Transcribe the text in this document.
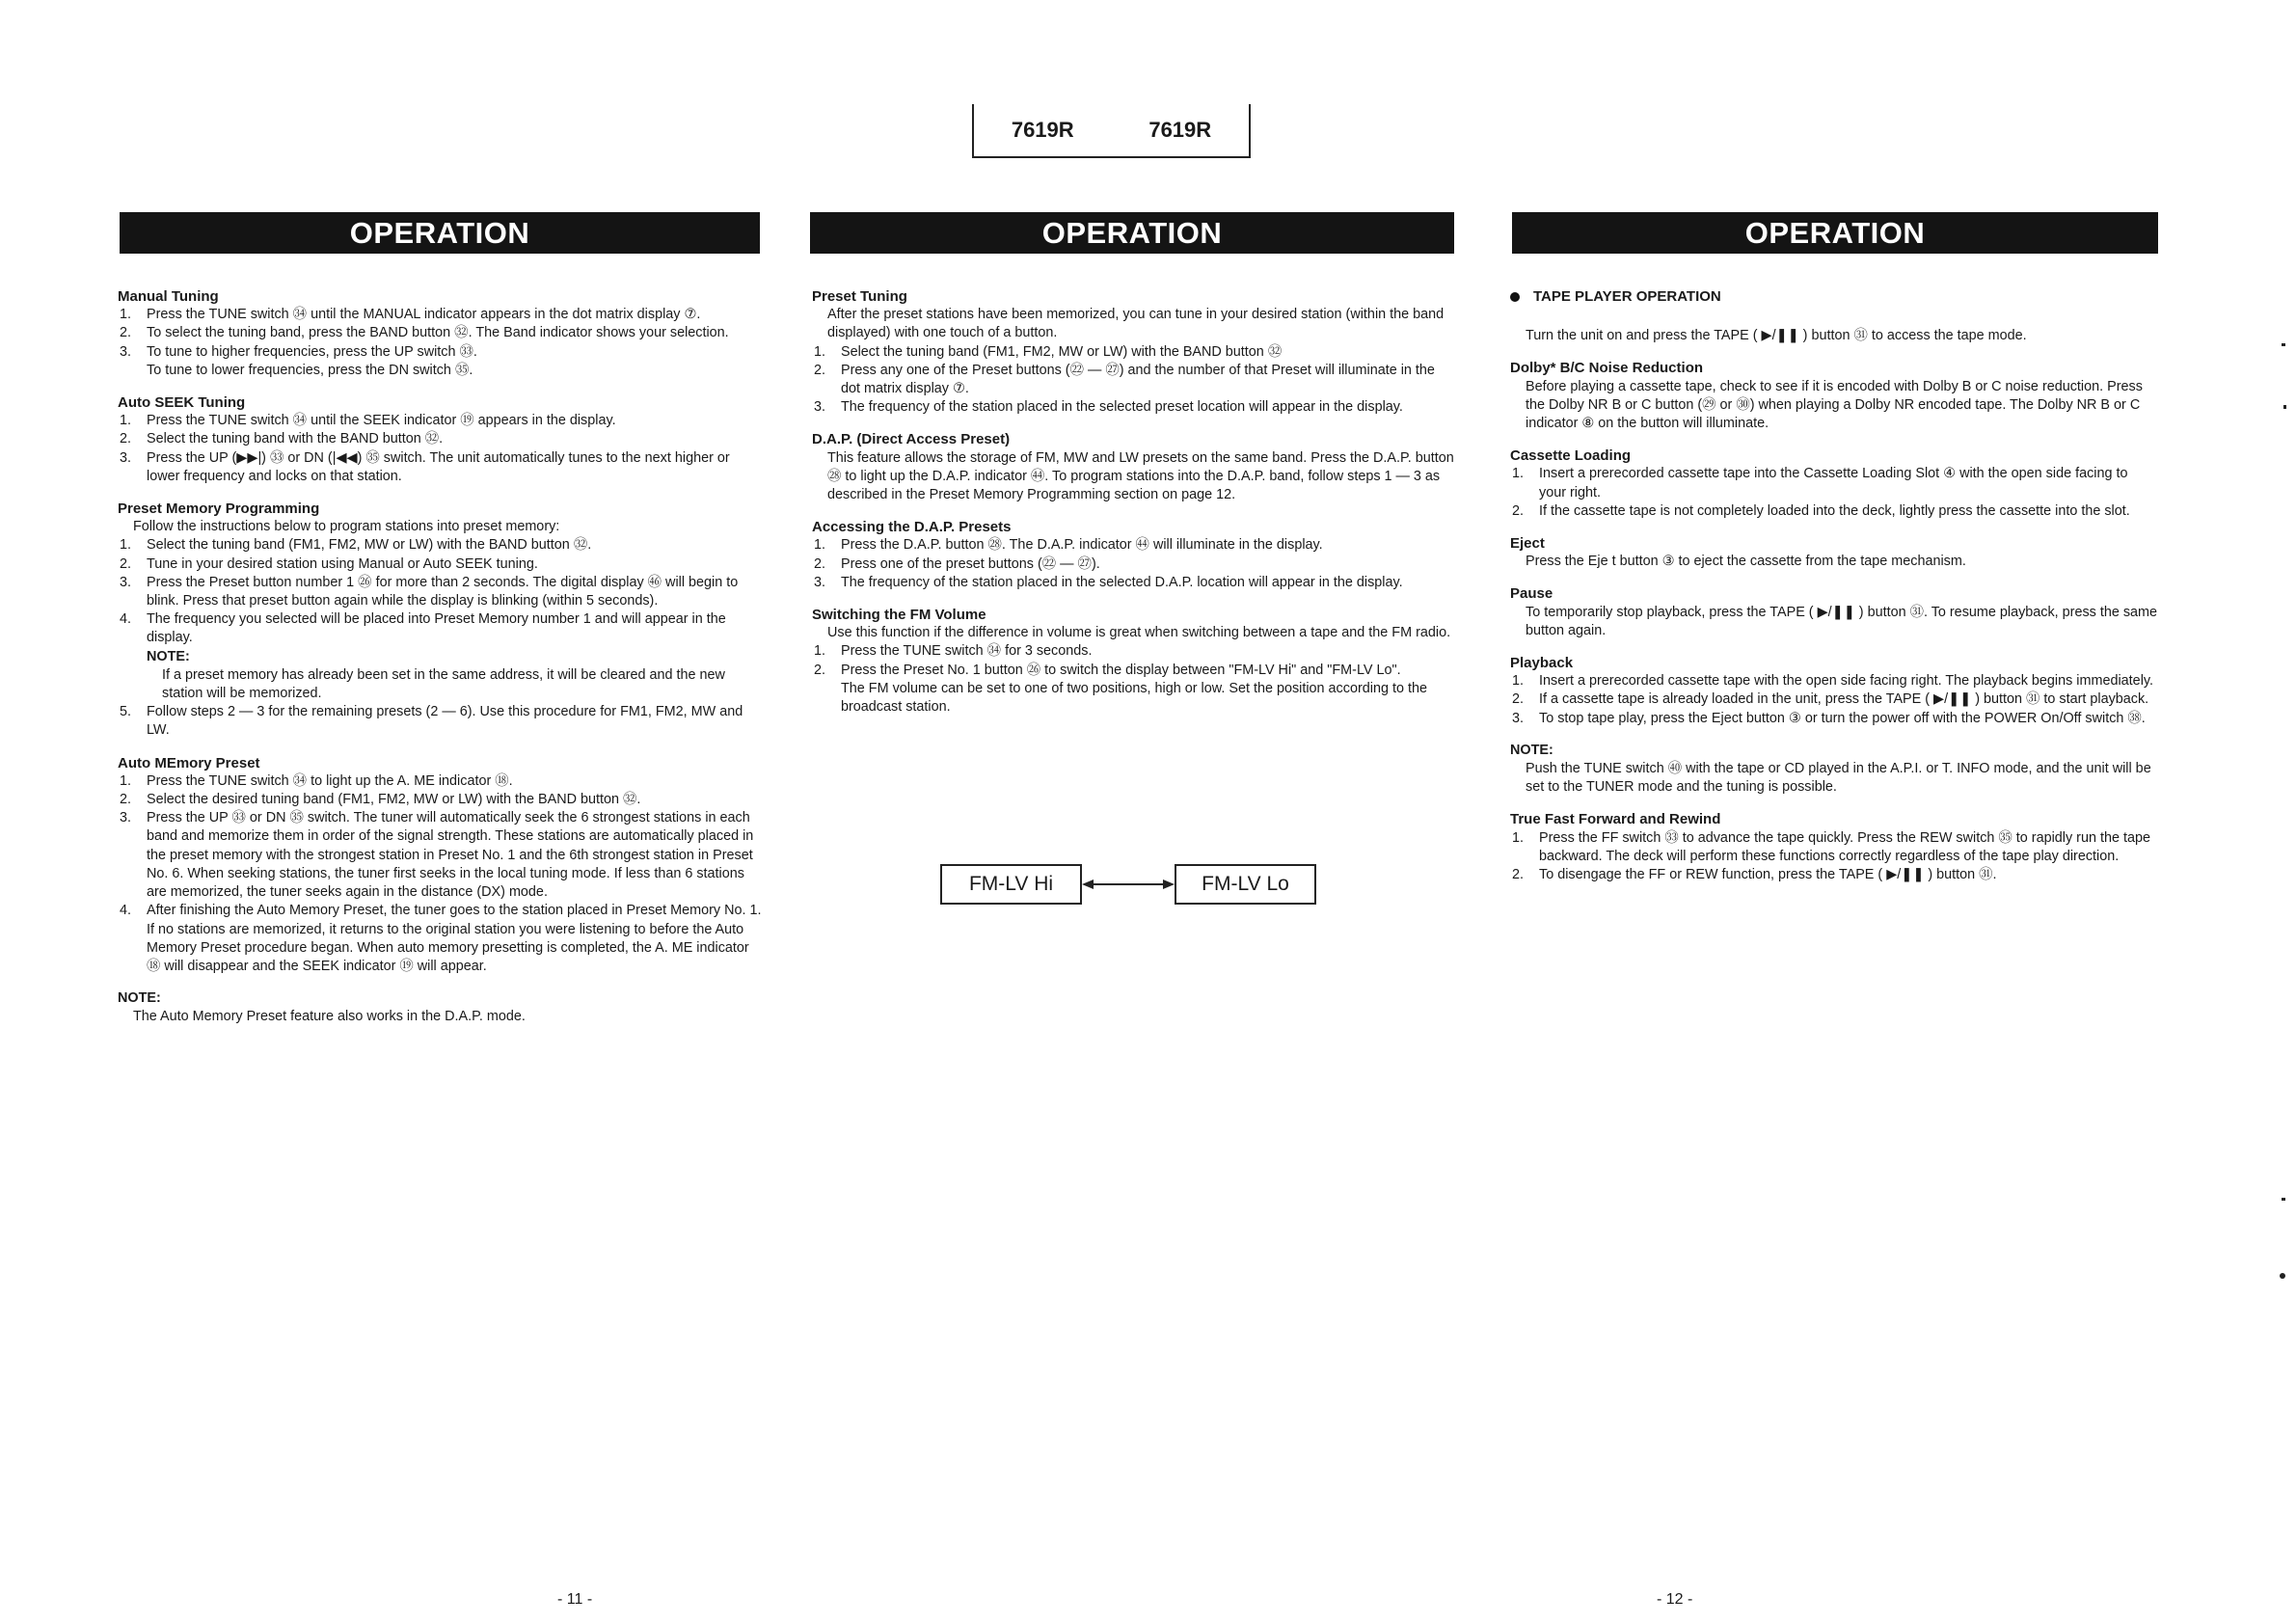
7619R	7619R
OPERATION	OPERATION	OPERATION
Manual Tuning
1. Press the TUNE switch ㉞ until the MANUAL indicator appears in the dot matrix display ⑦.
2. To select the tuning band, press the BAND button ㉜. The Band indicator shows your selection.
3. To tune to higher frequencies, press the UP switch ㉝.
To tune to lower frequencies, press the DN switch ㉟.
Auto SEEK Tuning
1. Press the TUNE switch ㉞ until the SEEK indicator ⑲ appears in the display.
2. Select the tuning band with the BAND button ㉜.
3. Press the UP (▶▶|) ㉝ or DN (|◀◀) ㉟ switch. The unit automatically tunes to the next higher or lower frequency and locks on that station.
Preset Memory Programming
Follow the instructions below to program stations into preset memory:
1. Select the tuning band (FM1, FM2, MW or LW) with the BAND button ㉜.
2. Tune in your desired station using Manual or Auto SEEK tuning.
3. Press the Preset button number 1 ㉖ for more than 2 seconds. The digital display ㊻ will begin to blink. Press that preset button again while the display is blinking (within 5 seconds).
4. The frequency you selected will be placed into Preset Memory number 1 and will appear in the display.
NOTE:
If a preset memory has already been set in the same address, it will be cleared and the new station will be memorized.
5. Follow steps 2 — 3 for the remaining presets (2 — 6). Use this procedure for FM1, FM2, MW and LW.
Auto MEmory Preset
1. Press the TUNE switch ㉞ to light up the A. ME indicator ⑱.
2. Select the desired tuning band (FM1, FM2, MW or LW) with the BAND button ㉜.
3. Press the UP ㉝ or DN ㉟ switch. The tuner will automatically seek the 6 strongest stations in each band and memorize them in order of the signal strength. These stations are automatically placed in the preset memory with the strongest station in Preset No. 1 and the 6th strongest station in Preset No. 6. When seeking stations, the tuner first seeks in the local tuning mode. If less than 6 stations are memorized, the tuner seeks again in the distance (DX) mode.
4. After finishing the Auto Memory Preset, the tuner goes to the station placed in Preset Memory No. 1. If no stations are memorized, it returns to the original station you were listening to before the Auto Memory Preset procedure began. When auto memory presetting is completed, the A. ME indicator ⑱ will disappear and the SEEK indicator ⑲ will appear.
NOTE:
The Auto Memory Preset feature also works in the D.A.P. mode.
Preset Tuning
After the preset stations have been memorized, you can tune in your desired station (within the band displayed) with one touch of a button.
1. Select the tuning band (FM1, FM2, MW or LW) with the BAND button ㉜
2. Press any one of the Preset buttons (㉒ — ㉗) and the number of that Preset will illuminate in the dot matrix display ⑦.
3. The frequency of the station placed in the selected preset location will appear in the display.
D.A.P. (Direct Access Preset)
This feature allows the storage of FM, MW and LW presets on the same band. Press the D.A.P. button ㉘ to light up the D.A.P. indicator ㊹. To program stations into the D.A.P. band, follow steps 1 — 3 as described in the Preset Memory Programming section on page 12.
Accessing the D.A.P. Presets
1. Press the D.A.P. button ㉘. The D.A.P. indicator ㊹ will illuminate in the display.
2. Press one of the preset buttons (㉒ — ㉗).
3. The frequency of the station placed in the selected D.A.P. location will appear in the display.
Switching the FM Volume
Use this function if the difference in volume is great when switching between a tape and the FM radio.
1. Press the TUNE switch ㉞ for 3 seconds.
2. Press the Preset No. 1 button ㉖ to switch the display between "FM-LV Hi" and "FM-LV Lo".
The FM volume can be set to one of two positions, high or low. Set the position according to the broadcast station.
FM-LV Hi	FM-LV Lo
TAPE PLAYER OPERATION
Turn the unit on and press the TAPE ( ▶/❚❚ ) button ㉛ to access the tape mode.
Dolby* B/C Noise Reduction
Before playing a cassette tape, check to see if it is encoded with Dolby B or C noise reduction. Press the Dolby NR B or C button (㉙ or ㉚) when playing a Dolby NR encoded tape. The Dolby NR B or C indicator ⑧ on the button will illuminate.
Cassette Loading
1. Insert a prerecorded cassette tape into the Cassette Loading Slot ④ with the open side facing to your right.
2. If the cassette tape is not completely loaded into the deck, lightly press the cassette into the slot.
Eject
Press the Eje t button ③ to eject the cassette from the tape mechanism.
Pause
To temporarily stop playback, press the TAPE ( ▶/❚❚ ) button ㉛. To resume playback, press the same button again.
Playback
1. Insert a prerecorded cassette tape with the open side facing right. The playback begins immediately.
2. If a cassette tape is already loaded in the unit, press the TAPE ( ▶/❚❚ ) button ㉛ to start playback.
3. To stop tape play, press the Eject button ③ or turn the power off with the POWER On/Off switch ㊳.
NOTE:
Push the TUNE switch ㊵ with the tape or CD played in the A.P.I. or T. INFO mode, and the unit will be set to the TUNER mode and the tuning is possible.
True Fast Forward and Rewind
1. Press the FF switch ㉝ to advance the tape quickly. Press the REW switch ㉟ to rapidly run the tape backward. The deck will perform these functions correctly regardless of the tape play direction.
2. To disengage the FF or REW function, press the TAPE ( ▶/❚❚ ) button ㉛.
- 11 -	- 12 -
